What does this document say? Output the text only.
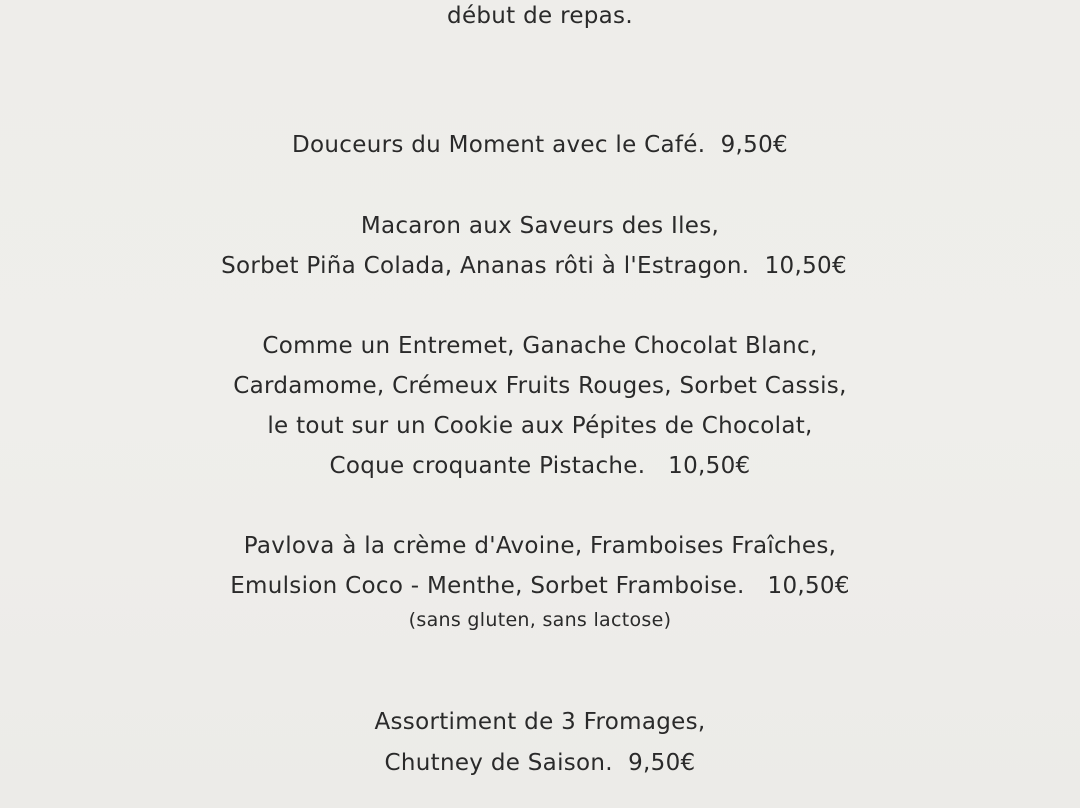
début de repas.
Douceurs du Moment avec le Café.  9,50€
Macaron aux Saveurs des Iles,
Sorbet Piña Colada, Ananas rôti à l'Estragon.  10,50€
Comme un Entremet, Ganache Chocolat Blanc,
Cardamome, Crémeux Fruits Rouges, Sorbet Cassis,
le tout sur un Cookie aux Pépites de Chocolat,
Coque croquante Pistache.   10,50€
Pavlova à la crème d'Avoine, Framboises Fraîches,
Emulsion Coco - Menthe, Sorbet Framboise.   10,50€
(sans gluten, sans lactose)
Assortiment de 3 Fromages,
Chutney de Saison.  9,50€
